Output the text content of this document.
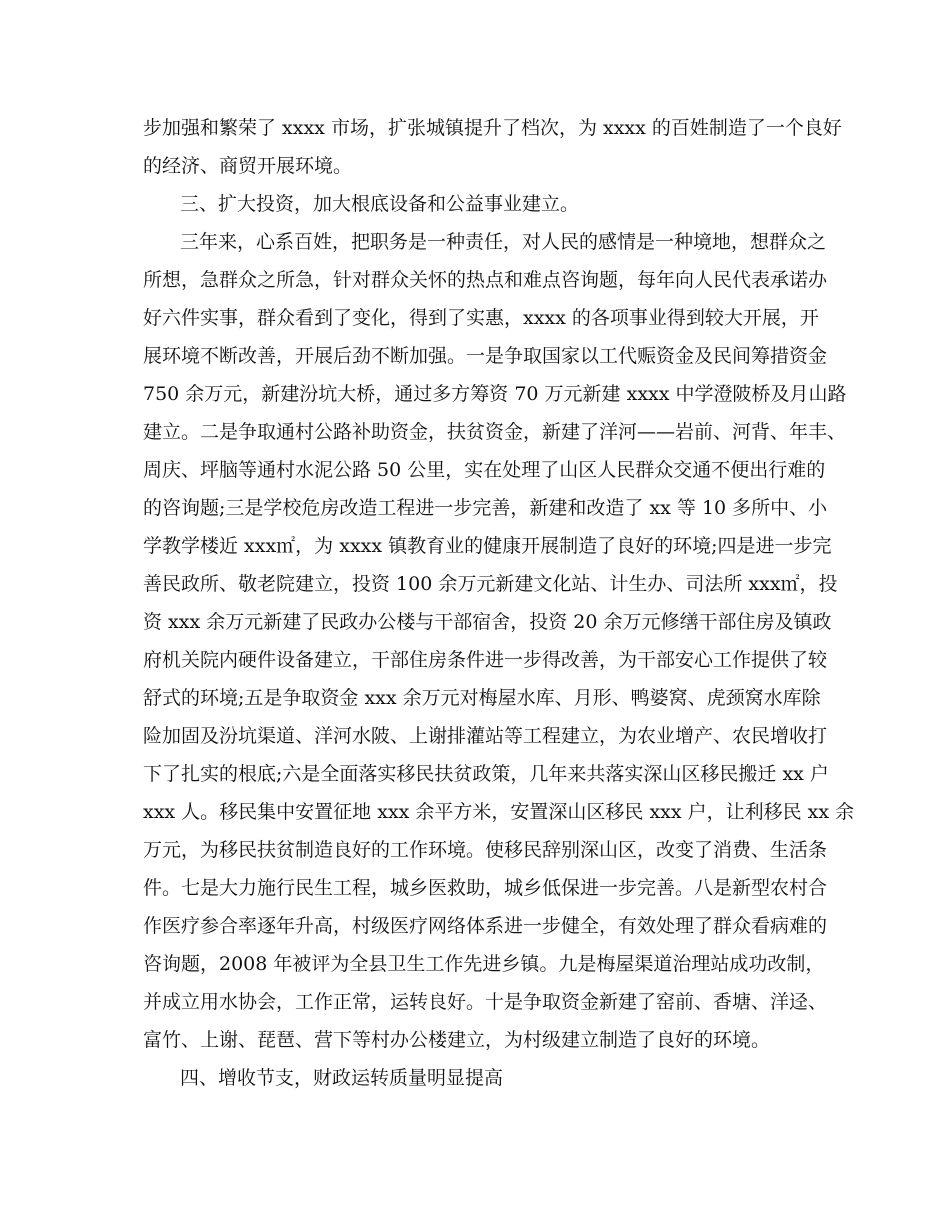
步加强和繁荣了 xxxx 市场，扩张城镇提升了档次，为 xxxx 的百姓制造了一个良好
的经济、商贸开展环境。
三、扩大投资，加大根底设备和公益事业建立。
三年来，心系百姓，把职务是一种责任，对人民的感情是一种境地，想群众之
所想，急群众之所急，针对群众关怀的热点和难点咨询题，每年向人民代表承诺办
好六件实事，群众看到了变化，得到了实惠，xxxx 的各项事业得到较大开展，开
展环境不断改善，开展后劲不断加强。一是争取国家以工代赈资金及民间筹措资金
750 余万元，新建汾坑大桥，通过多方筹资 70 万元新建 xxxx 中学澄陂桥及月山路
建立。二是争取通村公路补助资金，扶贫资金，新建了洋河——岩前、河背、年丰、
周庆、坪脑等通村水泥公路 50 公里，实在处理了山区人民群众交通不便出行难的
的咨询题;三是学校危房改造工程进一步完善，新建和改造了 xx 等 10 多所中、小
学教学楼近 xxx㎡，为 xxxx 镇教育业的健康开展制造了良好的环境;四是进一步完
善民政所、敬老院建立，投资 100 余万元新建文化站、计生办、司法所 xxx㎡，投
资 xxx 余万元新建了民政办公楼与干部宿舍，投资 20 余万元修缮干部住房及镇政
府机关院内硬件设备建立，干部住房条件进一步得改善，为干部安心工作提供了较
舒式的环境;五是争取资金 xxx 余万元对梅屋水库、月形、鸭婆窝、虎颈窝水库除
险加固及汾坑渠道、洋河水陂、上谢排灌站等工程建立，为农业增产、农民增收打
下了扎实的根底;六是全面落实移民扶贫政策，几年来共落实深山区移民搬迁 xx 户
xxx 人。移民集中安置征地 xxx 余平方米，安置深山区移民 xxx 户，让利移民 xx 余
万元，为移民扶贫制造良好的工作环境。使移民辞别深山区，改变了消费、生活条
件。七是大力施行民生工程，城乡医救助，城乡低保进一步完善。八是新型农村合
作医疗参合率逐年升高，村级医疗网络体系进一步健全，有效处理了群众看病难的
咨询题，2008 年被评为全县卫生工作先进乡镇。九是梅屋渠道治理站成功改制，
并成立用水协会，工作正常，运转良好。十是争取资金新建了窑前、香塘、洋迳、
富竹、上谢、琵琶、营下等村办公楼建立，为村级建立制造了良好的环境。
四、增收节支，财政运转质量明显提高
